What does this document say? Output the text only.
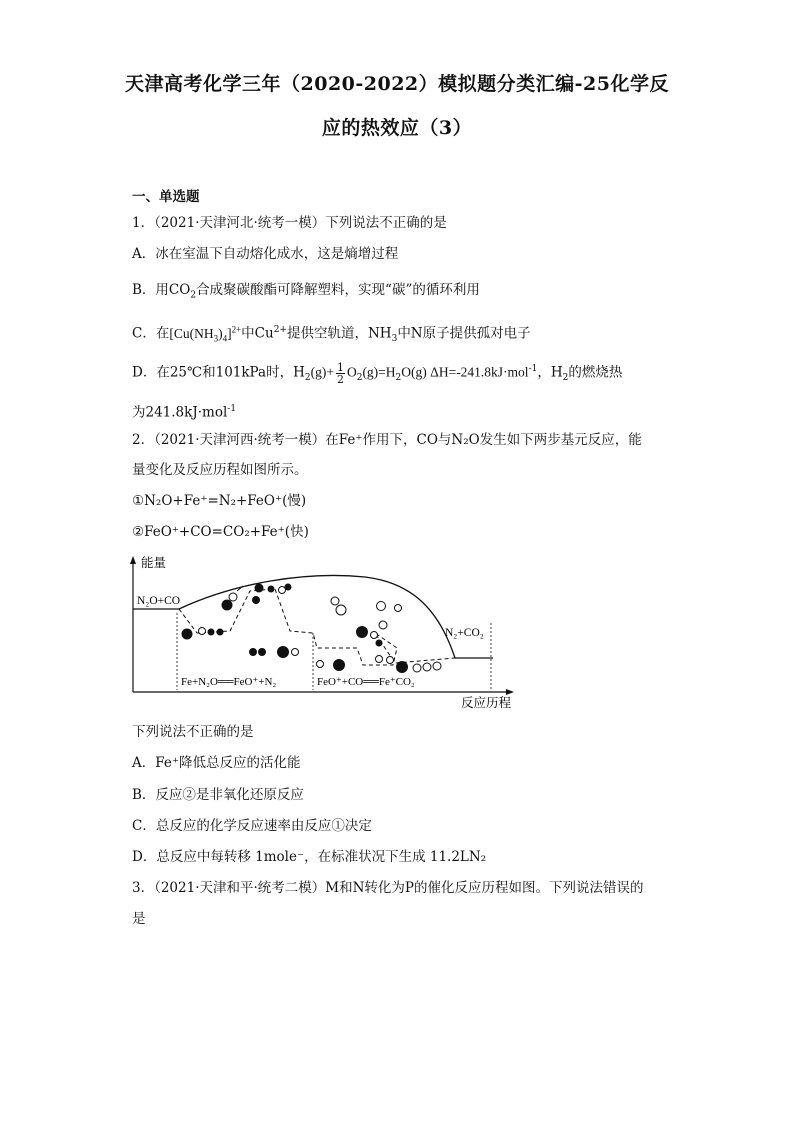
天津高考化学三年（2020-2022）模拟题分类汇编-25化学反
应的热效应（3）
一、单选题
1．（2021·天津河北·统考一模）下列说法不正确的是
A．冰在室温下自动熔化成水，这是熵增过程
B．用$CO_2$合成聚碳酸酯可降解塑料，实现“碳”的循环利用
C．在$[Cu(NH_3)_4]^{2+}$中$Cu^{2+}$提供空轨道，$NH_3$中N原子提供孤对电子
D．在25℃和101kPa时，$H_2(g)+ \frac{1}{2} O_2(g)=H_2O(g)$ ΔH=-241.8kJ·mol$^{-1}$，$H_2$的燃烧热
为241.8kJ·mol$^{-1}$
2．（2021·天津河西·统考一模）在Fe⁺作用下，CO与N₂O发生如下两步基元反应，能
量变化及反应历程如图所示。
①N₂O+Fe⁺=N₂+FeO⁺(慢)
②FeO⁺+CO=CO₂+Fe⁺(快)
能量
反应历程
N₂O+CO
N₂+CO₂
Fe+N₂O══FeO⁺+N₂	FeO⁺+CO══Fe⁺CO₂
下列说法不正确的是
A．Fe⁺降低总反应的活化能
B．反应②是非氧化还原反应
C．总反应的化学反应速率由反应①决定
D．总反应中每转移 1mole⁻，在标准状况下生成 11.2LN₂
3．（2021·天津和平·统考二模）M和N转化为P的催化反应历程如图。下列说法错误的
是
